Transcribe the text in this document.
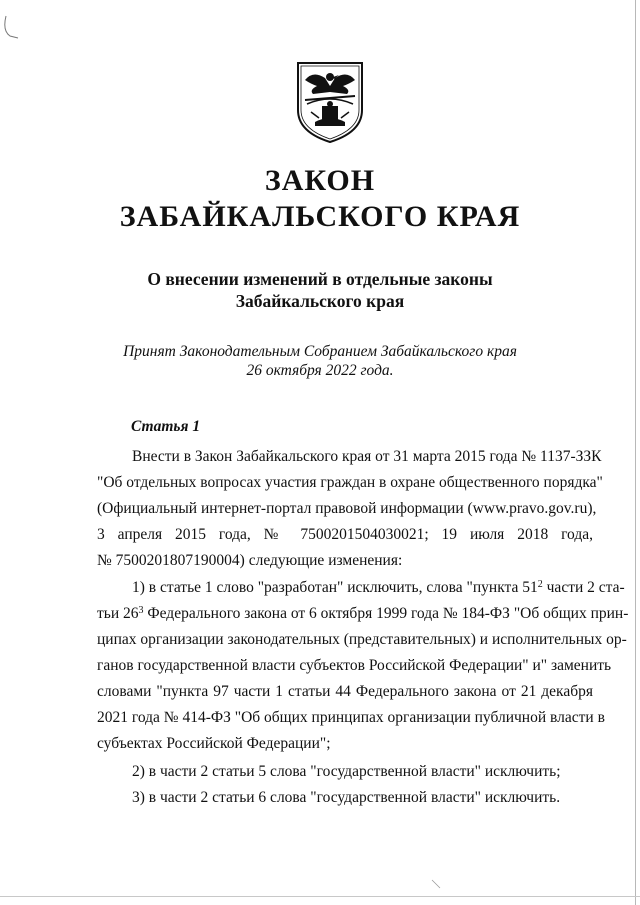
ЗАКОН
ЗАБАЙКАЛЬСКОГО КРАЯ
О внесении изменений в отдельные законы
Забайкальского края
Принят Законодательным Собранием Забайкальского края
26 октября 2022 года.
Статья 1
Внести в Закон Забайкальского края от 31 марта 2015 года № 1137-ЗЗК
"Об отдельных вопросах участия граждан в охране общественного порядка"
(Официальный интернет-портал правовой информации (www.pravo.gov.ru),
3 апреля 2015 года, № 7500201504030021; 19 июля 2018 года,
№ 7500201807190004) следующие изменения:
1) в статье 1 слово "разработан" исключить, слова "пункта $51^2$ части 2 ста-
тьи $26^3$ Федерального закона от 6 октября 1999 года № 184-ФЗ "Об общих прин-
ципах организации законодательных (представительных) и исполнительных ор-
ганов государственной власти субъектов Российской Федерации" и" заменить
словами "пункта 97 части 1 статьи 44 Федерального закона от 21 декабря
2021 года № 414-ФЗ "Об общих принципах организации публичной власти в
субъектах Российской Федерации";
2) в части 2 статьи 5 слова "государственной власти" исключить;
3) в части 2 статьи 6 слова "государственной власти" исключить.
